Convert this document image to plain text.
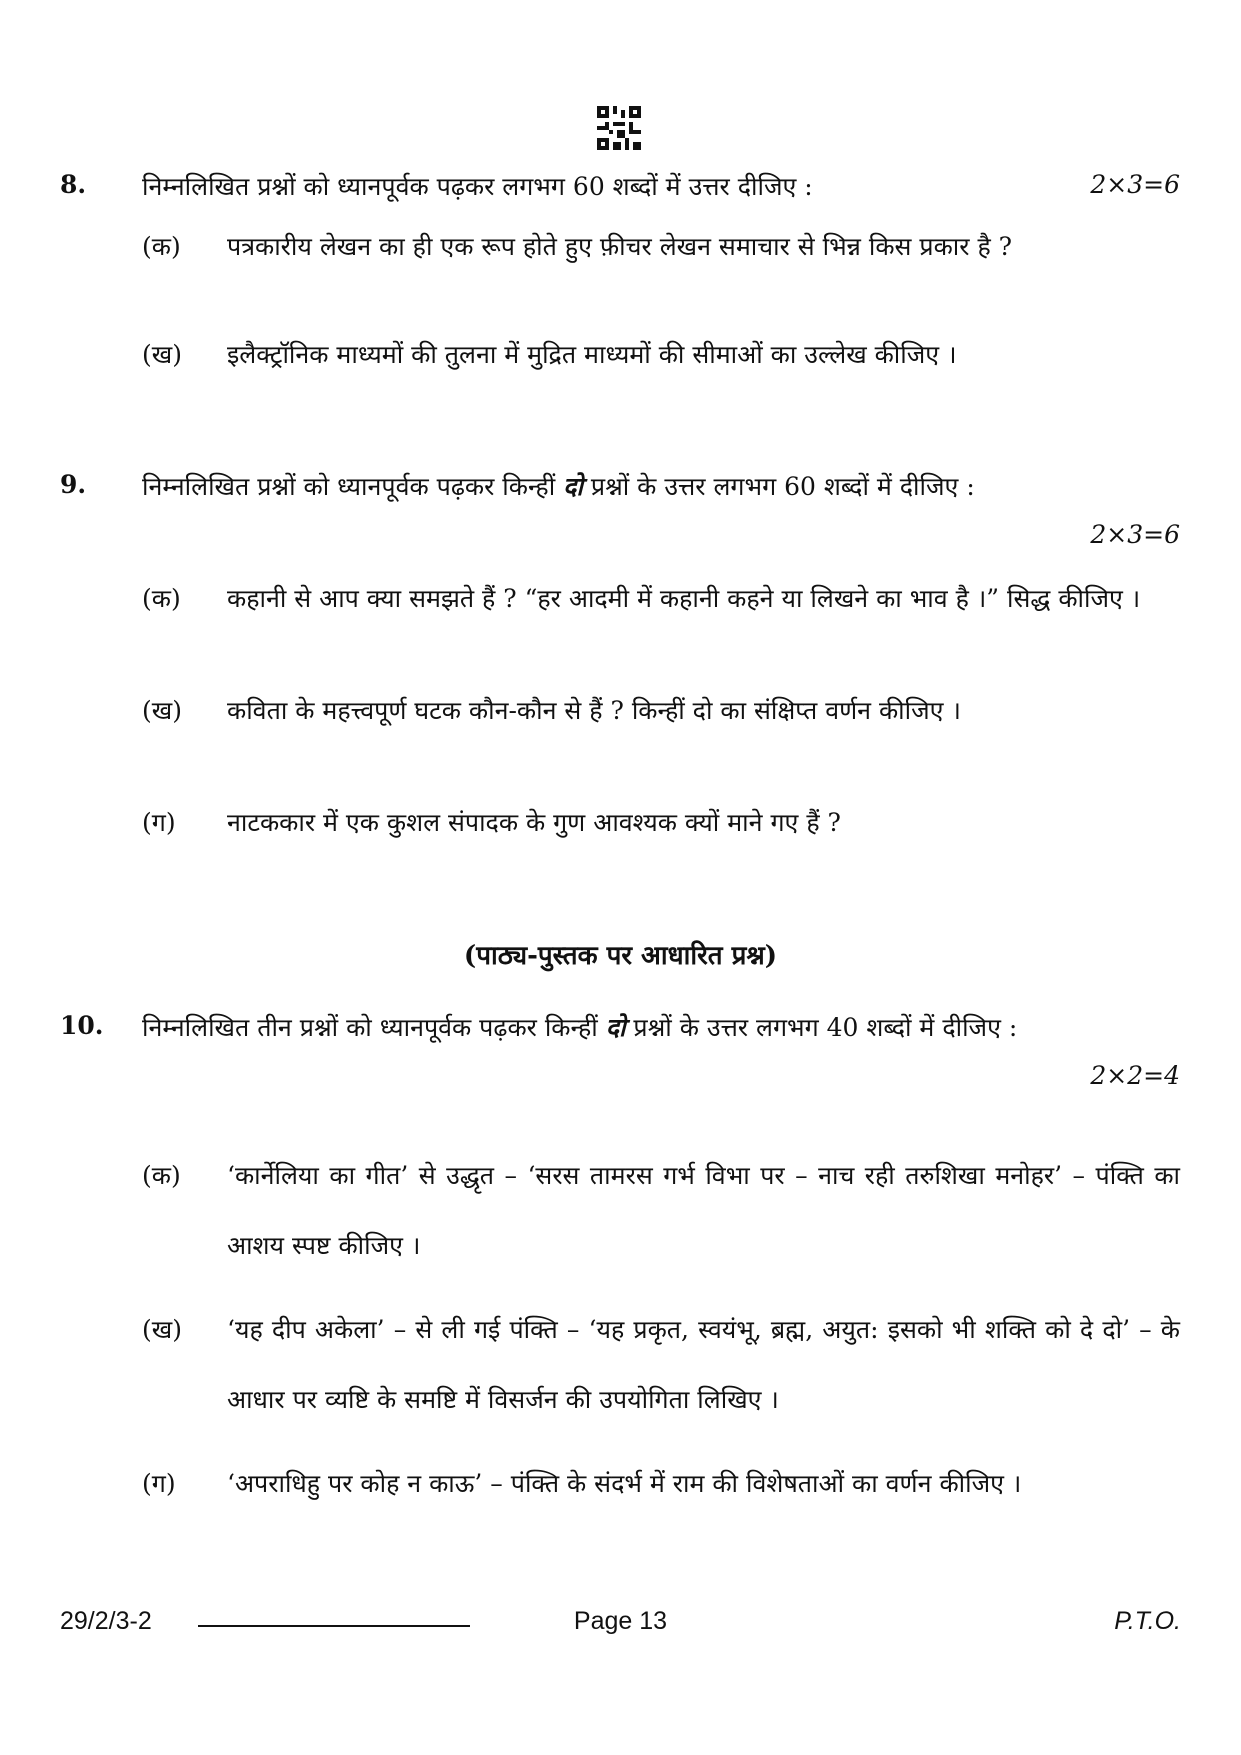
8. निम्नलिखित प्रश्नों को ध्यानपूर्वक पढ़कर लगभग 60 शब्दों में उत्तर दीजिए :	2×3=6
(क) पत्रकारीय लेखन का ही एक रूप होते हुए फ़ीचर लेखन समाचार से भिन्न किस प्रकार है ?
(ख) इलैक्ट्रॉनिक माध्यमों की तुलना में मुद्रित माध्यमों की सीमाओं का उल्लेख कीजिए ।
9. निम्नलिखित प्रश्नों को ध्यानपूर्वक पढ़कर किन्हीं दो प्रश्नों के उत्तर लगभग 60 शब्दों में दीजिए :
2×3=6
(क) कहानी से आप क्या समझते हैं ? “हर आदमी में कहानी कहने या लिखने का भाव है ।” सिद्ध कीजिए ।
(ख) कविता के महत्त्वपूर्ण घटक कौन-कौन से हैं ? किन्हीं दो का संक्षिप्त वर्णन कीजिए ।
(ग) नाटककार में एक कुशल संपादक के गुण आवश्यक क्यों माने गए हैं ?
(पाठ्य-पुस्तक पर आधारित प्रश्न)
10. निम्नलिखित तीन प्रश्नों को ध्यानपूर्वक पढ़कर किन्हीं दो प्रश्नों के उत्तर लगभग 40 शब्दों में दीजिए :
2×2=4
(क) ‘कार्नेलिया का गीत’ से उद्धृत – ‘सरस तामरस गर्भ विभा पर – नाच रही तरुशिखा मनोहर’ – पंक्ति का आशय स्पष्ट कीजिए ।
(ख) ‘यह दीप अकेला’ – से ली गई पंक्ति – ‘यह प्रकृत, स्वयंभू, ब्रह्म, अयुत: इसको भी शक्ति को दे दो’ – के आधार पर व्यष्टि के समष्टि में विसर्जन की उपयोगिता लिखिए ।
(ग) ‘अपराधिहु पर कोह न काऊ’ – पंक्ति के संदर्भ में राम की विशेषताओं का वर्णन कीजिए ।
29/2/3-2	Page 13	P.T.O.
